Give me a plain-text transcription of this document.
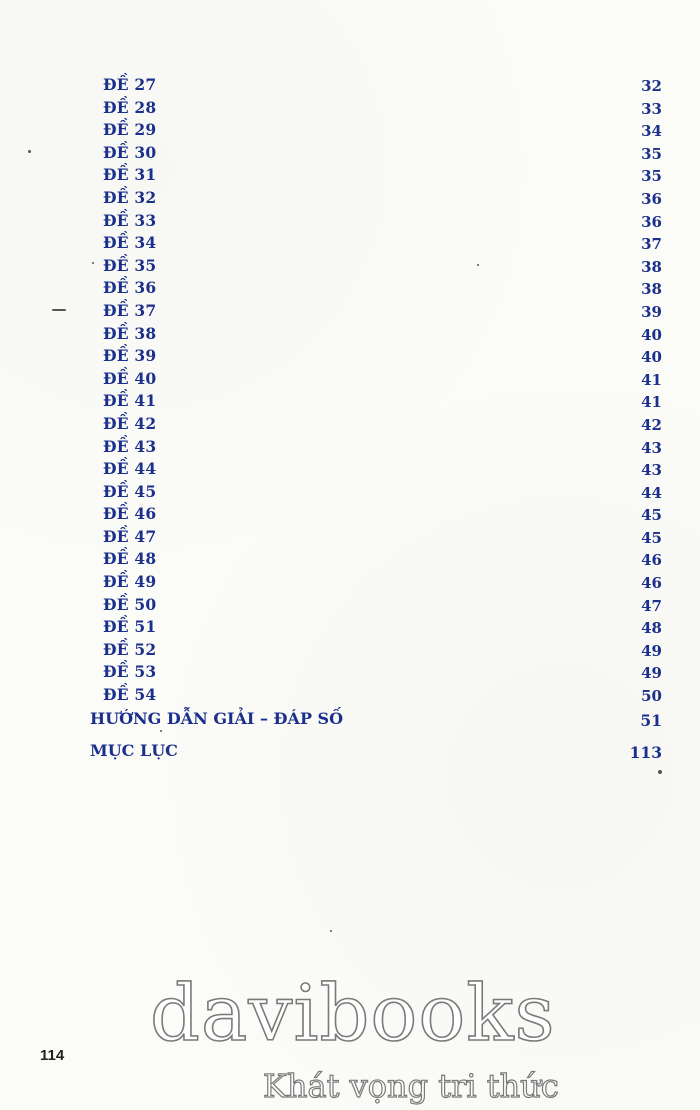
ĐỀ 27	32
ĐỀ 28	33
ĐỀ 29	34
ĐỀ 30	35
ĐỀ 31	35
ĐỀ 32	36
ĐỀ 33	36
ĐỀ 34	37
ĐỀ 35	38
ĐỀ 36	38
ĐỀ 37	39
ĐỀ 38	40
ĐỀ 39	40
ĐỀ 40	41
ĐỀ 41	41
ĐỀ 42	42
ĐỀ 43	43
ĐỀ 44	43
ĐỀ 45	44
ĐỀ 46	45
ĐỀ 47	45
ĐỀ 48	46
ĐỀ 49	46
ĐỀ 50	47
ĐỀ 51	48
ĐỀ 52	49
ĐỀ 53	49
ĐỀ 54	50
HƯỚNG DẪN GIẢI – ĐÁP SỐ	51
MỤC LỤC	113
114 davibooks
Khát vọng tri thức
